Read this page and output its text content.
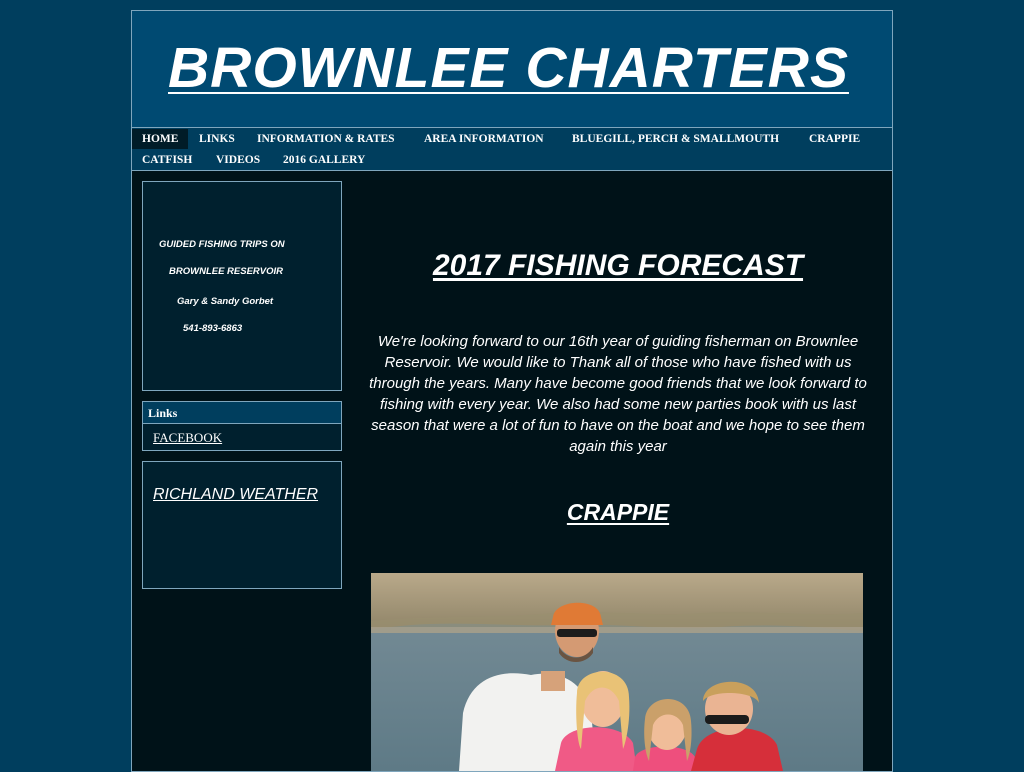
BROWNLEE CHARTERS
HOME	LINKS	INFORMATION & RATES	AREA INFORMATION	BLUEGILL, PERCH & SMALLMOUTH	CRAPPIE
CATFISH	VIDEOS	2016 GALLERY
GUIDED FISHING TRIPS ON
BROWNLEE RESERVOIR
Gary & Sandy Gorbet
541-893-6863
Links
FACEBOOK
RICHLAND WEATHER
2017 FISHING FORECAST
We're looking forward to our 16th year of guiding fisherman on Brownlee Reservoir. We would like to Thank all of those who have fished with us through the years. Many have become good friends that we look forward to fishing with every year. We also had some new parties book with us last season that were a lot of fun to have on the boat and we hope to see them again this year
CRAPPIE
